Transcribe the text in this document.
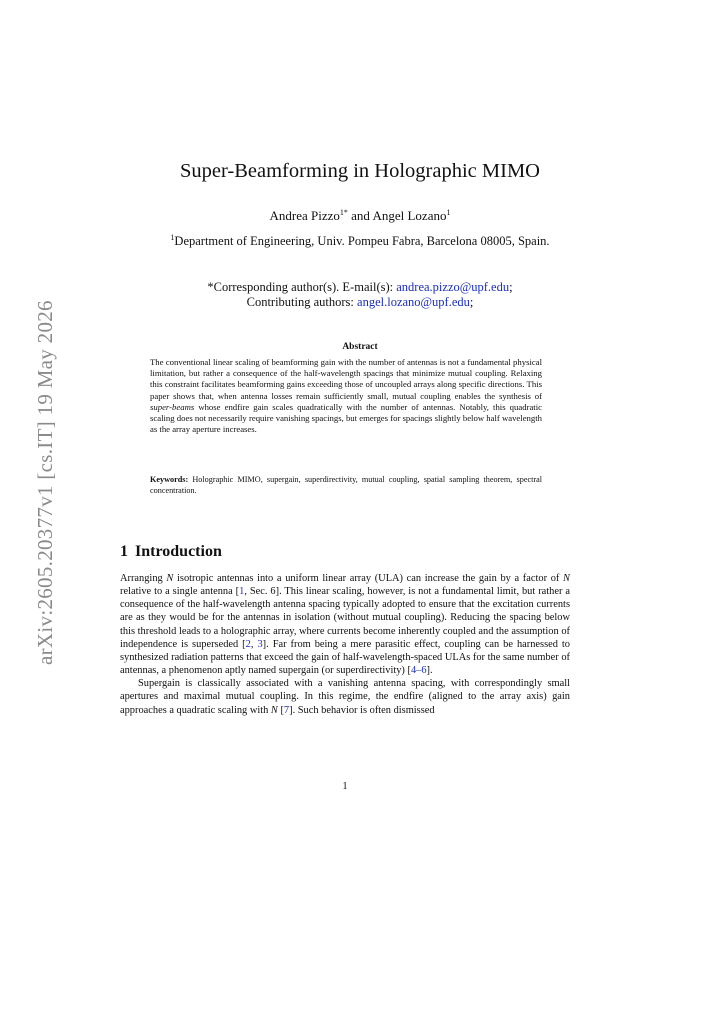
arXiv:2605.20377v1 [cs.IT] 19 May 2026
Super-Beamforming in Holographic MIMO
Andrea Pizzo$^{1*}$ and Angel Lozano$^1$
$^1$Department of Engineering, Univ. Pompeu Fabra, Barcelona 08005, Spain.
*Corresponding author(s). E-mail(s): andrea.pizzo@upf.edu;
Contributing authors: angel.lozano@upf.edu;
Abstract
The conventional linear scaling of beamforming gain with the number of antennas is not a fundamental physical limitation, but rather a consequence of the half-wavelength spacings that minimize mutual coupling. Relaxing this constraint facilitates beamforming gains exceeding those of uncoupled arrays along specific directions. This paper shows that, when antenna losses remain sufficiently small, mutual coupling enables the synthesis of super-beams whose endfire gain scales quadratically with the number of antennas. Notably, this quadratic scaling does not necessarily require vanishing spacings, but emerges for spacings slightly below half wavelength as the array aperture increases.
Keywords: Holographic MIMO, supergain, superdirectivity, mutual coupling, spatial sampling theorem, spectral concentration.
1 Introduction

Arranging N isotropic antennas into a uniform linear array (ULA) can increase the gain by a factor of N relative to a single antenna [1, Sec. 6]. This linear scaling, however, is not a fundamental limit, but rather a consequence of the half-wavelength antenna spacing typically adopted to ensure that the excitation currents are as they would be for the antennas in isolation (without mutual coupling). Reducing the spacing below this threshold leads to a holographic array, where currents become inherently coupled and the assumption of independence is superseded [2, 3]. Far from being a mere parasitic effect, coupling can be harnessed to synthesized radiation patterns that exceed the gain of half-wavelength-spaced ULAs for the same number of antennas, a phenomenon aptly named supergain (or superdirectivity) [4–6].

Supergain is classically associated with a vanishing antenna spacing, with correspondingly small apertures and maximal mutual coupling. In this regime, the endfire (aligned to the array axis) gain approaches a quadratic scaling with N [7]. Such behavior is often dismissed

1
